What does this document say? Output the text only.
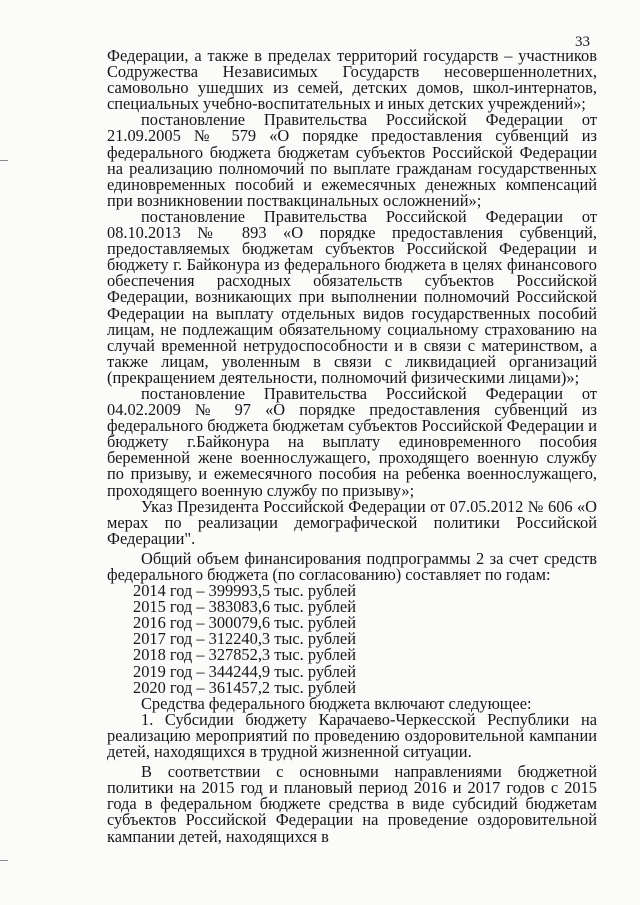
33

Федерации, а также в пределах территорий государств – участников Содружества Независимых Государств несовершеннолетних, самовольно ушедших из семей, детских домов, школ-интернатов, специальных учебно-воспитательных и иных детских учреждений»;

постановление Правительства Российской Федерации от 21.09.2005 № 579 «О порядке предоставления субвенций из федерального бюджета бюджетам субъектов Российской Федерации на реализацию полномочий по выплате гражданам государственных единовременных пособий и ежемесячных денежных компенсаций при возникновении поствакцинальных осложнений»;

постановление Правительства Российской Федерации от 08.10.2013 № 893 «О порядке предоставления субвенций, предоставляемых бюджетам субъектов Российской Федерации и бюджету г. Байконура из федерального бюджета в целях финансового обеспечения расходных обязательств субъектов Российской Федерации, возникающих при выполнении полномочий Российской Федерации на выплату отдельных видов государственных пособий лицам, не подлежащим обязательному социальному страхованию на случай временной нетрудоспособности и в связи с материнством, а также лицам, уволенным в связи с ликвидацией организаций (прекращением деятельности, полномочий физическими лицами)»;

постановление Правительства Российской Федерации от 04.02.2009 № 97 «О порядке предоставления субвенций из федерального бюджета бюджетам субъектов Российской Федерации и бюджету г.Байконура на выплату единовременного пособия беременной жене военнослужащего, проходящего военную службу по призыву, и ежемесячного пособия на ребенка военнослужащего, проходящего военную службу по призыву»;

Указ Президента Российской Федерации от 07.05.2012 № 606 «О мерах по реализации демографической политики Российской Федерации".

Общий объем финансирования подпрограммы 2 за счет средств федерального бюджета (по согласованию) составляет по годам:

2014 год – 399993,5 тыс. рублей
2015 год – 383083,6 тыс. рублей
2016 год – 300079,6 тыс. рублей
2017 год – 312240,3 тыс. рублей
2018 год – 327852,3 тыс. рублей
2019 год – 344244,9 тыс. рублей
2020 год – 361457,2 тыс. рублей

Средства федерального бюджета включают следующее:

1. Субсидии бюджету Карачаево-Черкесской Республики на реализацию мероприятий по проведению оздоровительной кампании детей, находящихся в трудной жизненной ситуации.

В соответствии с основными направлениями бюджетной политики на 2015 год и плановый период 2016 и 2017 годов с 2015 года в федеральном бюджете средства в виде субсидий бюджетам субъектов Российской Федерации на проведение оздоровительной кампании детей, находящихся в
